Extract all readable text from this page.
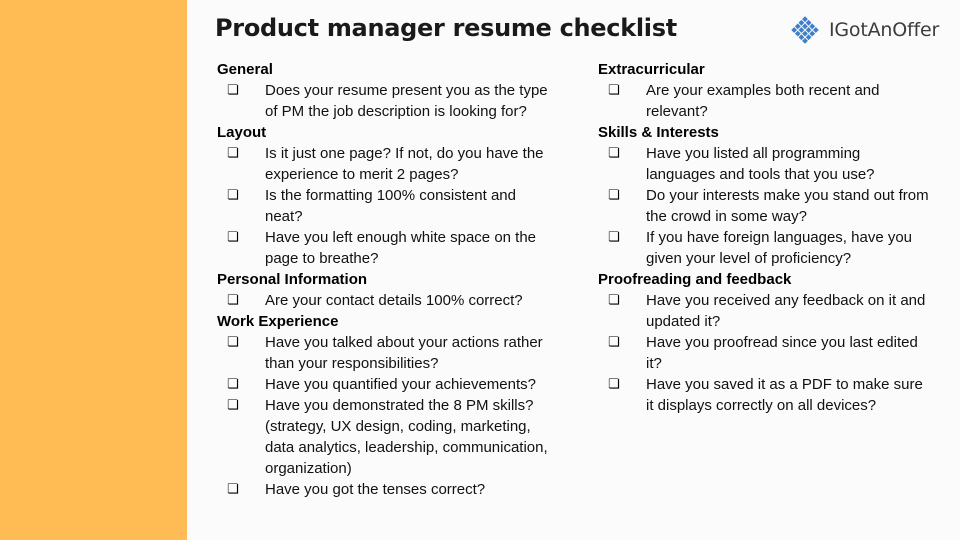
Product manager resume checklist	IGotAnOffer
General
❏ Does your resume present you as the type
of PM the job description is looking for?
Layout
❏ Is it just one page? If not, do you have the
experience to merit 2 pages?
❏ Is the formatting 100% consistent and
neat?
❏ Have you left enough white space on the
page to breathe?
Personal Information
❏ Are your contact details 100% correct?
Work Experience
❏ Have you talked about your actions rather
than your responsibilities?
❏ Have you quantified your achievements?
❏ Have you demonstrated the 8 PM skills?
(strategy, UX design, coding, marketing,
data analytics, leadership, communication,
organization)
❏ Have you got the tenses correct?
Extracurricular
❏ Are your examples both recent and
relevant?
Skills & Interests
❏ Have you listed all programming
languages and tools that you use?
❏ Do your interests make you stand out from
the crowd in some way?
❏ If you have foreign languages, have you
given your level of proficiency?
Proofreading and feedback
❏ Have you received any feedback on it and
updated it?
❏ Have you proofread since you last edited
it?
❏ Have you saved it as a PDF to make sure
it displays correctly on all devices?
